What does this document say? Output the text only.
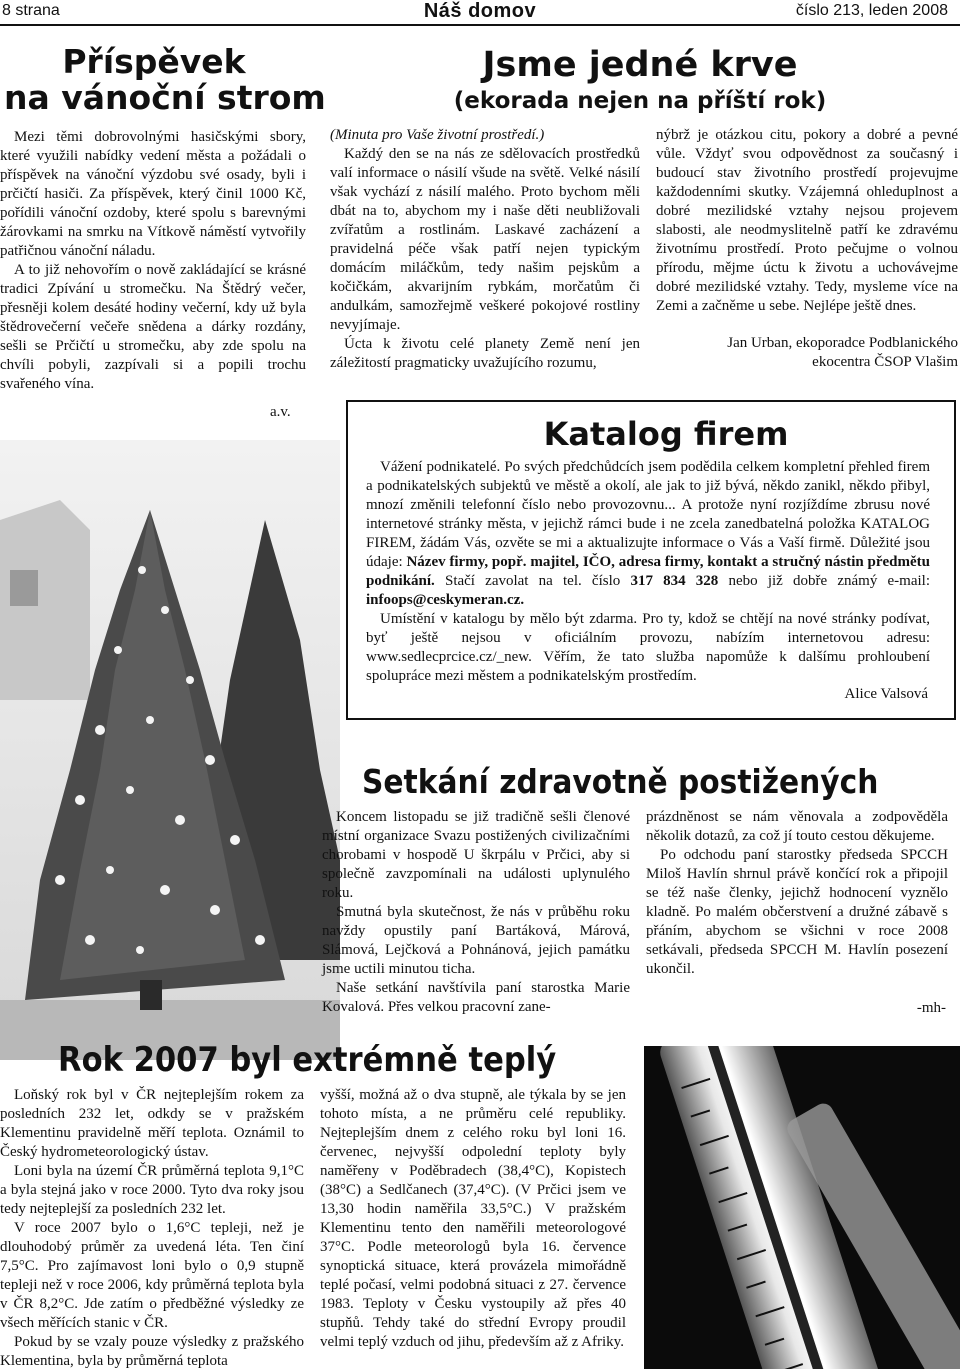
8 strana	Náš domov	číslo 213, leden 2008
Příspěvek
na vánoční strom

Mezi těmi dobrovolnými hasičskými sbory, které využili nabídky vedení města a požádali o příspěvek na vánoční výzdobu své osady, byli i prčičtí hasiči. Za příspěvek, který činil 1000 Kč, pořídili vánoční ozdoby, které spolu s barevnými žárovkami na smrku na Vítkově náměstí vytvořily patřičnou vánoční náladu.

A to již nehovořím o nově zakládající se krásné tradici Zpívání u stromečku. Na Štědrý večer, přesněji kolem desáté hodiny večerní, kdy už byla štědrovečerní večeře snědena a dárky rozdány, sešli se Prčičtí u stromečku, aby zde spolu na chvíli pobyli, zazpívali si a popili trochu svařeného vína.

a.v.
Jsme jedné krve
(ekorada nejen na příští rok)

(Minuta pro Vaše životní prostředí.)

Každý den se na nás ze sdělovacích prostředků valí informace o násilí všude na světě. Velké násilí však vychází z násilí malého. Proto bychom měli dbát na to, abychom my i naše děti neubližovali zvířatům a rostlinám. Laskavé zacházení a pravidelná péče však patří nejen typickým domácím miláčkům, tedy našim pejskům a kočičkám, akvarijním rybkám, morčatům či andulkám, samozřejmě veškeré pokojové rostliny nevyjímaje.

Úcta k životu celé planety Země není jen záležitostí pragmaticky uvažujícího rozumu,

nýbrž je otázkou citu, pokory a dobré a pevné vůle. Vždyť svou odpovědnost za současný i budoucí stav životního prostředí projevujme každodenními skutky. Vzájemná ohleduplnost a dobré mezilidské vztahy nejsou projevem slabosti, ale neodmyslitelně patří ke zdravému životnímu prostředí. Proto pečujme o volnou přírodu, mějme úctu k životu a uchovávejme dobré mezilidské vztahy. Tedy, mysleme více na Zemi a začněme u sebe. Nejlépe ještě dnes.

Jan Urban, ekoporadce Podblanického
ekocentra ČSOP Vlašim
Katalog firem

Vážení podnikatelé. Po svých předchůdcích jsem podědila celkem kompletní přehled firem a podnikatelských subjektů ve městě a okolí, ale jak to již bývá, někdo zanikl, někdo přibyl, mnozí změnili telefonní číslo nebo provozovnu... A protože nyní rozjíždíme zbrusu nové internetové stránky města, v jejichž rámci bude i ne zcela zanedbatelná položka KATALOG FIREM, žádám Vás, ozvěte se mi a aktualizujte informace o Vás a Vaší firmě. Důležité jsou údaje: Název firmy, popř. majitel, IČO, adresa firmy, kontakt a stručný nástin předmětu podnikání. Stačí zavolat na tel. číslo 317 834 328 nebo již dobře známý e-mail: infoops@ceskymeran.cz.

Umístění v katalogu by mělo být zdarma. Pro ty, kdož se chtějí na nové stránky podívat, byť ještě nejsou v oficiálním provozu, nabízím internetovou adresu: www.sedlecprcice.cz/_new. Věřím, že tato služba napomůže k dalšímu prohloubení spolupráce mezi městem a podnikatelským prostředím.

Alice Valsová
Setkání zdravotně postižených

Koncem listopadu se již tradičně sešli členové místní organizace Svazu postižených civilizačními chorobami v hospodě U škrpálu v Prčici, aby si společně zavzpomínali na události uplynulého roku.

Smutná byla skutečnost, že nás v průběhu roku navždy opustily paní Bartáková, Márová, Slámová, Lejčková a Pohnánová, jejich památku jsme uctili minutou ticha.

Naše setkání navštívila paní starostka Marie Kovalová. Přes velkou pracovní zane-

prázdněnost se nám věnovala a zodpověděla několik dotazů, za což jí touto cestou děkujeme.

Po odchodu paní starostky předseda SPCCH Miloš Havlín shrnul právě končící rok a připojil se též naše členky, jejichž hodnocení vyznělo kladně. Po malém občerstvení a družné zábavě s přáním, abychom se všichni v roce 2008 setkávali, předseda SPCCH M. Havlín posezení ukončil.

-mh-
Rok 2007 byl extrémně teplý

Loňský rok byl v ČR nejteplejším rokem za posledních 232 let, odkdy se v pražském Klementinu pravidelně měří teplota. Oznámil to Český hydrometeorologický ústav.

Loni byla na území ČR průměrná teplota 9,1°C a byla stejná jako v roce 2000. Tyto dva roky jsou tedy nejteplejší za posledních 232 let.

V roce 2007 bylo o 1,6°C tepleji, než je dlouhodobý průměr za uvedená léta. Ten činí 7,5°C. Pro zajímavost loni bylo o 0,9 stupně tepleji než v roce 2006, kdy průměrná teplota byla v ČR 8,2°C. Jde zatím o předběžné výsledky ze všech měřících stanic v ČR.

Pokud by se vzaly pouze výsledky z pražského Klementina, byla by průměrná teplota

vyšší, možná až o dva stupně, ale týkala by se jen tohoto místa, a ne průměru celé republiky. Nejteplejším dnem z celého roku byl loni 16. červenec, nejvyšší odpolední teploty byly naměřeny v Poděbradech (38,4°C), Kopistech (38°C) a Sedlčanech (37,4°C). (V Prčici jsem ve 13,30 hodin naměřila 33,5°C.) V pražském Klementinu tento den naměřili meteorologové 37°C. Podle meteorologů byla 16. července synoptická situace, která provázela mimořádně teplé počasí, velmi podobná situaci z 27. července 1983. Teploty v Česku vystoupily až přes 40 stupňů. Tehdy také do střední Evropy proudil velmi teplý vzduch od jihu, především až z Afriky.
